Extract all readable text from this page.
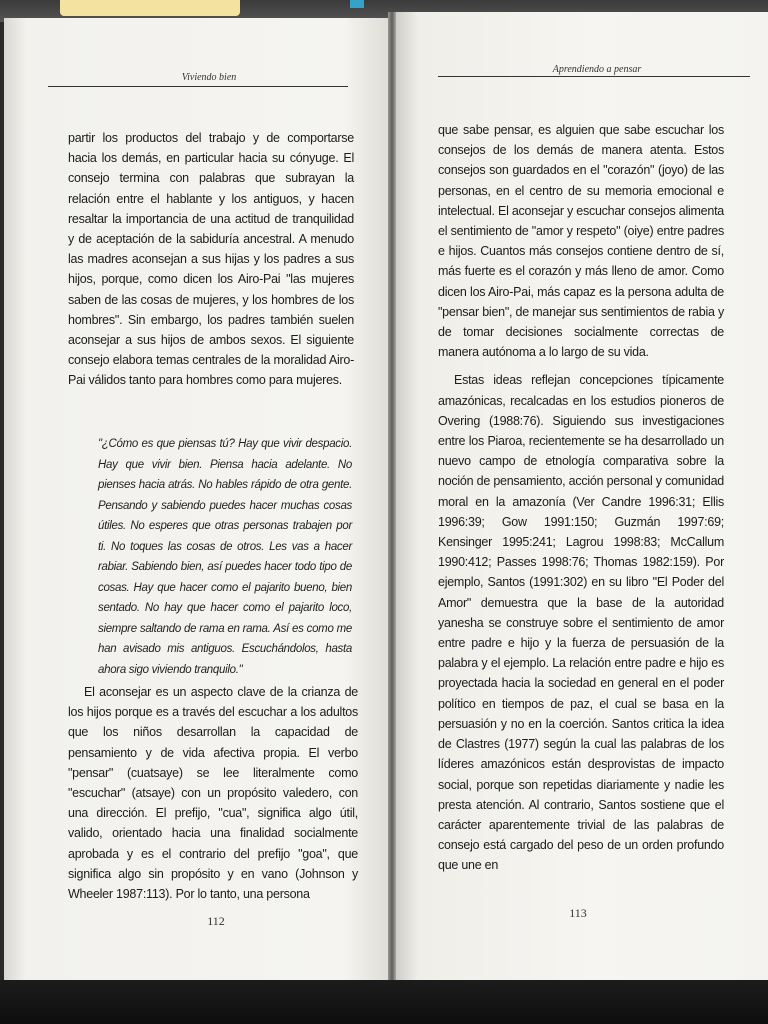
Viviendo bien

partir los productos del trabajo y de comportarse hacia los demás, en particular hacia su cónyuge. El consejo termina con palabras que subrayan la relación entre el hablante y los antiguos, y hacen resaltar la importancia de una actitud de tranquilidad y de aceptación de la sabiduría ancestral. A menudo las madres aconsejan a sus hijas y los padres a sus hijos, porque, como dicen los Airo-Pai "las mujeres saben de las cosas de mujeres, y los hombres de los hombres". Sin embargo, los padres también suelen aconsejar a sus hijos de ambos sexos. El siguiente consejo elabora temas centrales de la moralidad Airo-Pai válidos tanto para hombres como para mujeres.

"¿Cómo es que piensas tú? Hay que vivir despacio. Hay que vivir bien. Piensa hacia adelante. No pienses hacia atrás. No hables rápido de otra gente. Pensando y sabiendo puedes hacer muchas cosas útiles. No esperes que otras personas trabajen por ti. No toques las cosas de otros. Les vas a hacer rabiar. Sabiendo bien, así puedes hacer todo tipo de cosas. Hay que hacer como el pajarito bueno, bien sentado. No hay que hacer como el pajarito loco, siempre saltando de rama en rama. Así es como me han avisado mis antiguos. Escuchándolos, hasta ahora sigo viviendo tranquilo."

El aconsejar es un aspecto clave de la crianza de los hijos porque es a través del escuchar a los adultos que los niños desarrollan la capacidad de pensamiento y de vida afectiva propia. El verbo "pensar" (cuatsaye) se lee literalmente como "escuchar" (atsaye) con un propósito valedero, con una dirección. El prefijo, "cua", significa algo útil, valido, orientado hacia una finalidad socialmente aprobada y es el contrario del prefijo "goa", que significa algo sin propósito y en vano (Johnson y Wheeler 1987:113). Por lo tanto, una persona

112
Aprendiendo a pensar

que sabe pensar, es alguien que sabe escuchar los consejos de los demás de manera atenta. Estos consejos son guardados en el "corazón" (joyo) de las personas, en el centro de su memoria emocional e intelectual. El aconsejar y escuchar consejos alimenta el sentimiento de "amor y respeto" (oiye) entre padres e hijos. Cuantos más consejos contiene dentro de sí, más fuerte es el corazón y más lleno de amor. Como dicen los Airo-Pai, más capaz es la persona adulta de "pensar bien", de manejar sus sentimientos de rabia y de tomar decisiones socialmente correctas de manera autónoma a lo largo de su vida.

Estas ideas reflejan concepciones típicamente amazónicas, recalcadas en los estudios pioneros de Overing (1988:76). Siguiendo sus investigaciones entre los Piaroa, recientemente se ha desarrollado un nuevo campo de etnología comparativa sobre la noción de pensamiento, acción personal y comunidad moral en la amazonía (Ver Candre 1996:31; Ellis 1996:39; Gow 1991:150; Guzmán 1997:69; Kensinger 1995:241; Lagrou 1998:83; McCallum 1990:412; Passes 1998:76; Thomas 1982:159). Por ejemplo, Santos (1991:302) en su libro "El Poder del Amor" demuestra que la base de la autoridad yanesha se construye sobre el sentimiento de amor entre padre e hijo y la fuerza de persuasión de la palabra y el ejemplo. La relación entre padre e hijo es proyectada hacia la sociedad en general en el poder político en tiempos de paz, el cual se basa en la persuasión y no en la coerción. Santos critica la idea de Clastres (1977) según la cual las palabras de los líderes amazónicos están desprovistas de impacto social, porque son repetidas diariamente y nadie les presta atención. Al contrario, Santos sostiene que el carácter aparentemente trivial de las palabras de consejo está cargado del peso de un orden profundo que une en

113
